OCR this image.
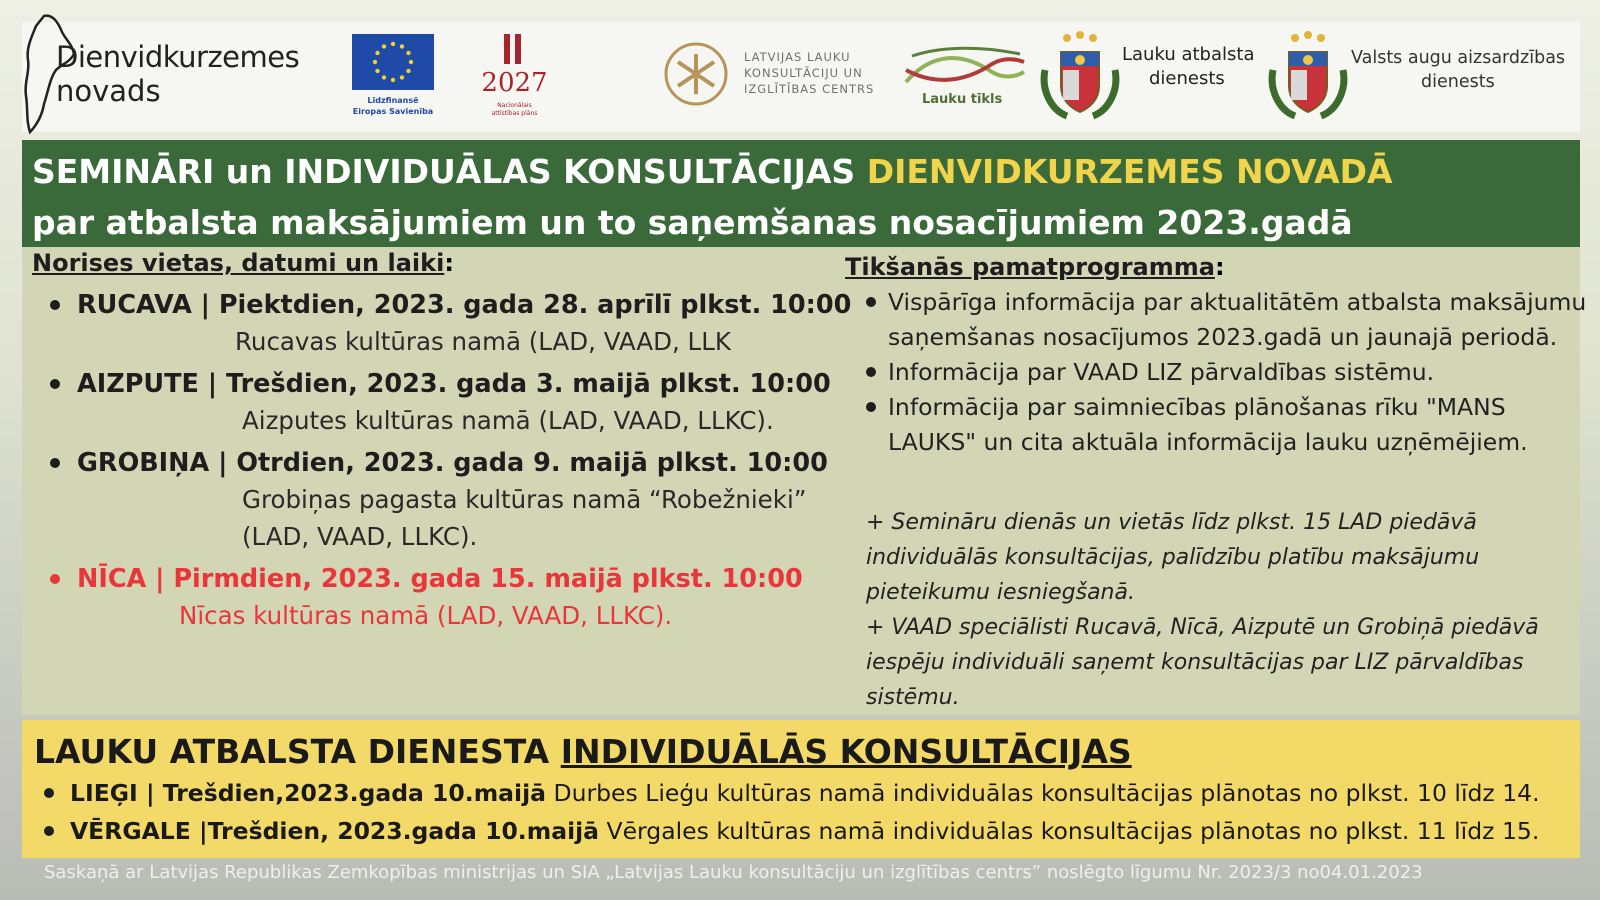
Dienvidkurzemes
novads	Līdzfinansē
Eiropas Savienība
2027
Nacionālais
attīstības plāns
LATVIJAS LAUKU
KONSULTĀCIJU UN
IZGLĪTĪBAS CENTRS
Lauku tīkls
Lauku atbalsta
dienests
Valsts augu aizsardzības
dienests
SEMINĀRI un INDIVIDUĀLAS KONSULTĀCIJAS DIENVIDKURZEMES NOVADĀ
par atbalsta maksājumiem un to saņemšanas nosacījumiem 2023.gadā
Norises vietas, datumi un laiki:
RUCAVA | Piektdien, 2023. gada 28. aprīlī plkst. 10:00
Rucavas kultūras namā (LAD, VAAD, LLK
AIZPUTE | Trešdien, 2023. gada 3. maijā plkst. 10:00
Aizputes kultūras namā (LAD, VAAD, LLKC).
GROBIŅA | Otrdien, 2023. gada 9. maijā plkst. 10:00
Grobiņas pagasta kultūras namā “Robežnieki”
(LAD, VAAD, LLKC).
NĪCA | Pirmdien, 2023. gada 15. maijā plkst. 10:00
Nīcas kultūras namā (LAD, VAAD, LLKC).
Tikšanās pamatprogramma:
Vispārīga informācija par aktualitātēm atbalsta maksājumu saņemšanas nosacījumos 2023.gadā un jaunajā periodā.
Informācija par VAAD LIZ pārvaldības sistēmu.
Informācija par saimniecības plānošanas rīku "MANS LAUKS" un cita aktuāla informācija lauku uzņēmējiem.

+ Semināru dienās un vietās līdz plkst. 15 LAD piedāvā individuālās konsultācijas, palīdzību platību maksājumu pieteikumu iesniegšanā.

+ VAAD speciālisti Rucavā, Nīcā, Aizputē un Grobiņā piedāvā iespēju individuāli saņemt konsultācijas par LIZ pārvaldības sistēmu.

LAUKU ATBALSTA DIENESTA INDIVIDUĀLĀS KONSULTĀCIJAS
LIEĢI | Trešdien,2023.gada 10.maijā Durbes Lieģu kultūras namā individuālas konsultācijas plānotas no plkst. 10 līdz 14.
VĒRGALE |Trešdien, 2023.gada 10.maijā Vērgales kultūras namā individuālas konsultācijas plānotas no plkst. 11 līdz 15.
Saskaņā ar Latvijas Republikas Zemkopības ministrijas un SIA „Latvijas Lauku konsultāciju un izglītības centrs” noslēgto līgumu Nr. 2023/3 no04.01.2023
